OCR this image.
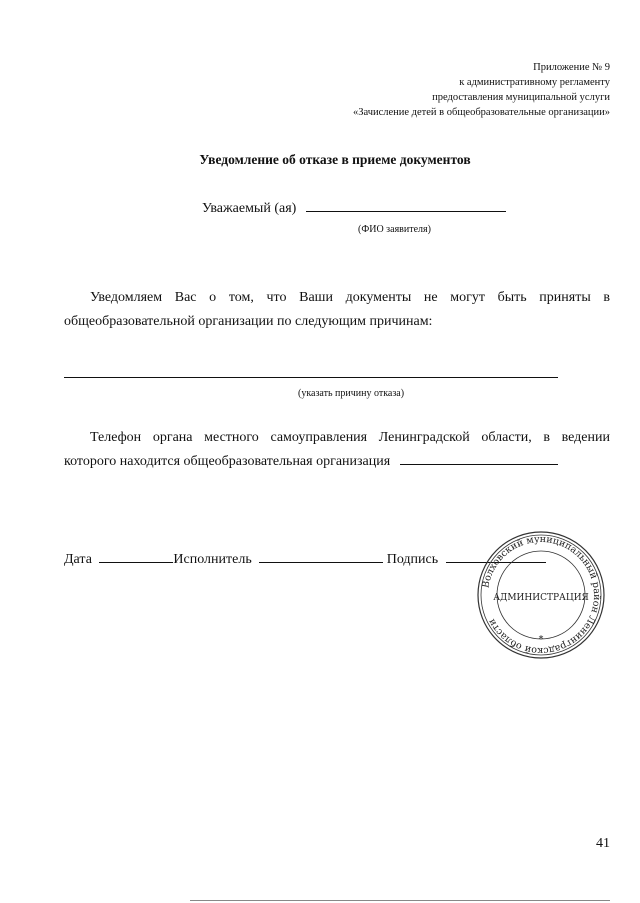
Приложение № 9
к административному регламенту
предоставления муниципальной услуги
«Зачисление детей в общеобразовательные организации»
Уведомление об отказе в приеме документов
Уважаемый (ая)
(ФИО заявителя)
Уведомляем Вас о том, что Ваши документы не могут быть приняты в
общеобразовательной организации по следующим причинам:
(указать причину отказа)
Телефон органа местного самоуправления Ленинградской области, в ведении
которого находится общеобразовательная организация
Дата	Исполнитель	Подпись
Волховский муниципальный район Ленинградской области
АДМИНИСТРАЦИЯ
*
41
